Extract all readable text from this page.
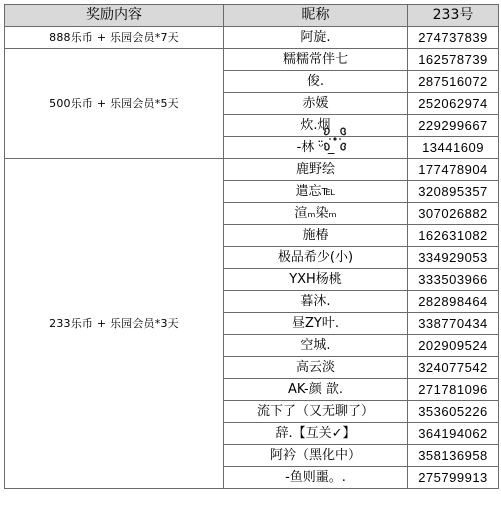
奖励内容	昵称	233号
888乐币 + 乐园会员*7天	阿旋.	274737839
500乐币 + 乐园会员*5天	糯糯常伴七	162578739
	俊.	287516072
	赤媛	252062974
	炊.烟	229299667
	-林 ᵕ̈ _	13441609
233乐币 + 乐园会员*3天	鹿野绘	177478904
	遣忘℡	320895357
	渲ₘ染ₘ	307026882
	施椿	162631082
	极品希少(小)	334929053
	YXH杨桃	333503966
	暮沐.	282898464
	昼ZY叶.	338770434
	空城.	202909524
	高云淡	324077542
	AK-颜 歆.	271781096
	流下了（又无聊了）	353605226
	辞.【互关✓】	364194062
	阿衿（黑化中）	358136958
	-鱼则噩。.	275799913
